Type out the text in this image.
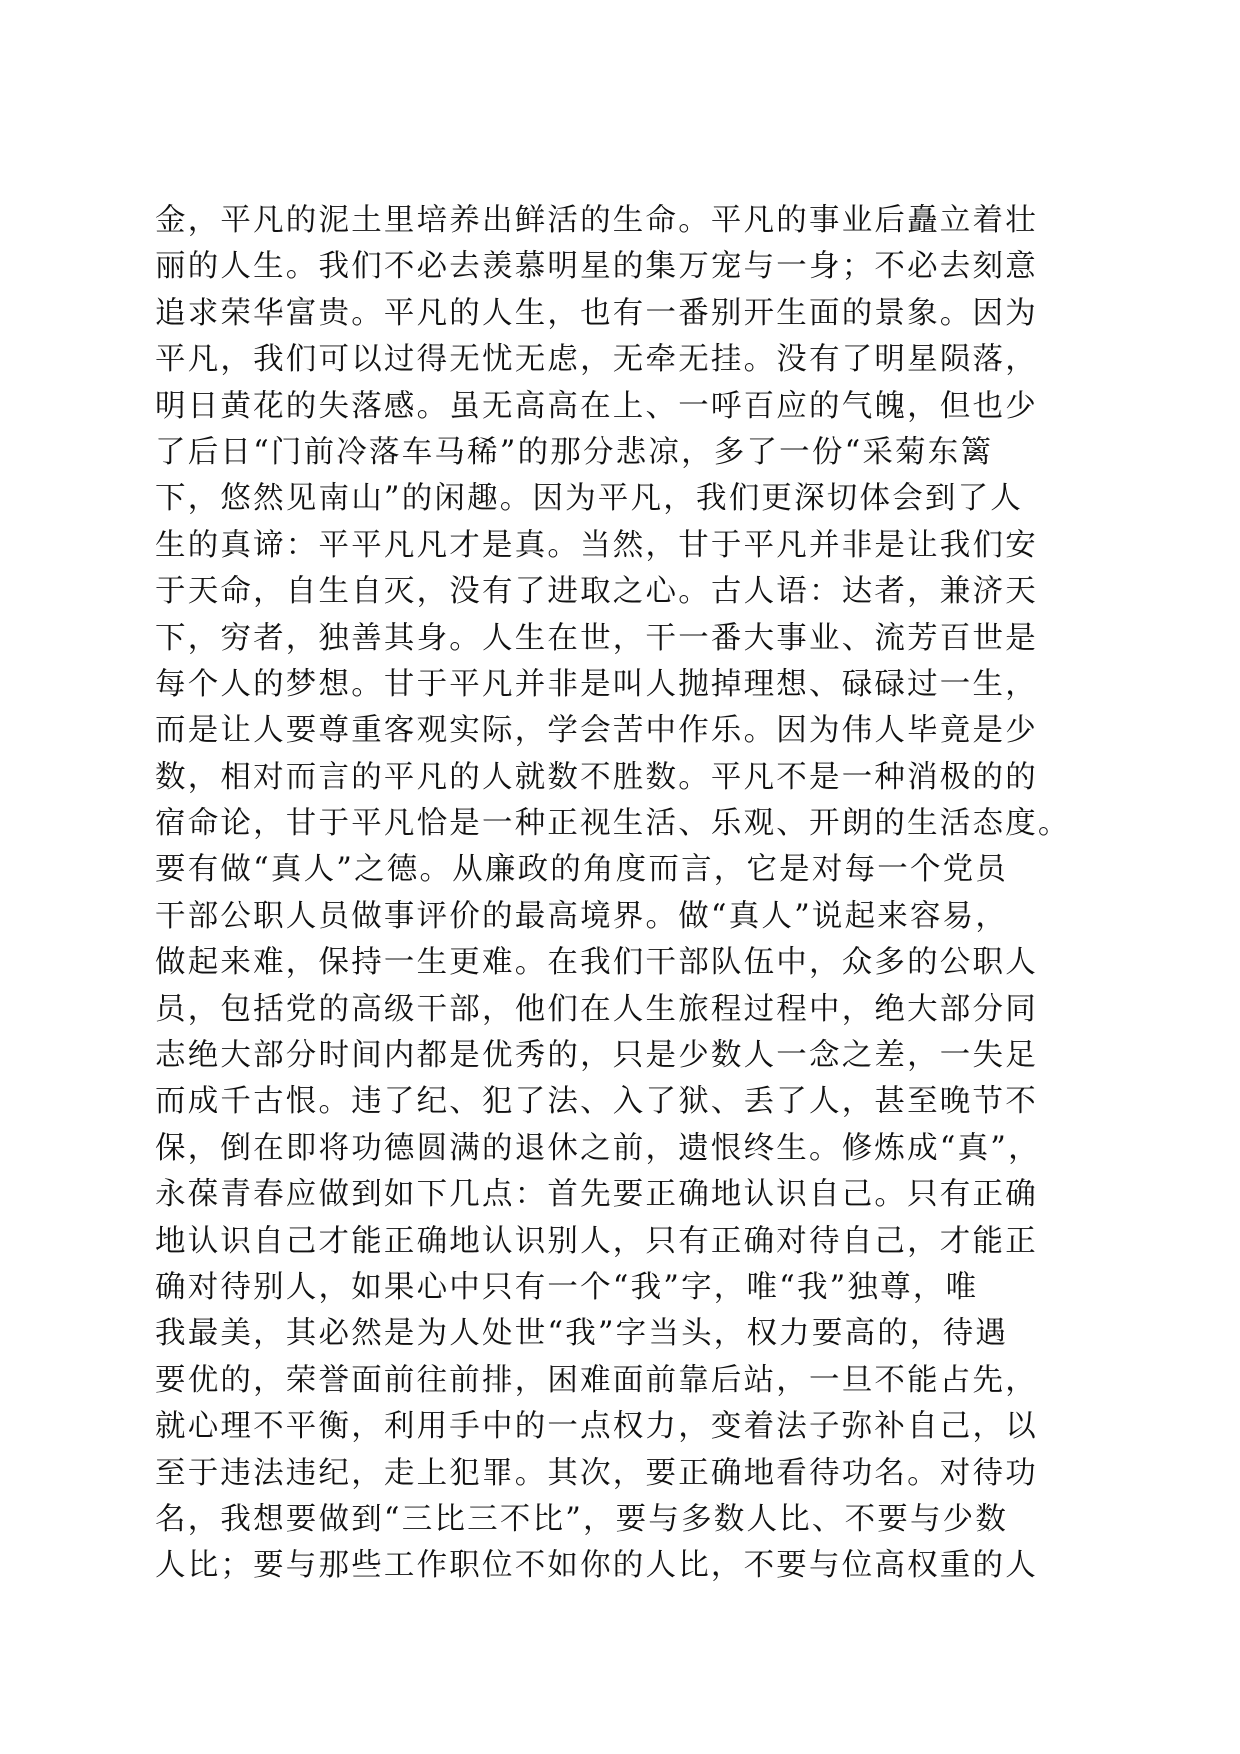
金，平凡的泥土里培养出鲜活的生命。平凡的事业后矗立着壮
丽的人生。我们不必去羡慕明星的集万宠与一身；不必去刻意
追求荣华富贵。平凡的人生，也有一番别开生面的景象。因为
平凡，我们可以过得无忧无虑，无牵无挂。没有了明星陨落，
明日黄花的失落感。虽无高高在上、一呼百应的气魄，但也少
了后日“门前冷落车马稀”的那分悲凉，多了一份“采菊东篱
下，悠然见南山”的闲趣。因为平凡，我们更深切体会到了人
生的真谛：平平凡凡才是真。当然，甘于平凡并非是让我们安
于天命，自生自灭，没有了进取之心。古人语：达者，兼济天
下，穷者，独善其身。人生在世，干一番大事业、流芳百世是
每个人的梦想。甘于平凡并非是叫人抛掉理想、碌碌过一生，
而是让人要尊重客观实际，学会苦中作乐。因为伟人毕竟是少
数，相对而言的平凡的人就数不胜数。平凡不是一种消极的的
宿命论，甘于平凡恰是一种正视生活、乐观、开朗的生活态度。
要有做“真人”之德。从廉政的角度而言，它是对每一个党员
干部公职人员做事评价的最高境界。做“真人”说起来容易，
做起来难，保持一生更难。在我们干部队伍中，众多的公职人
员，包括党的高级干部，他们在人生旅程过程中，绝大部分同
志绝大部分时间内都是优秀的，只是少数人一念之差，一失足
而成千古恨。违了纪、犯了法、入了狱、丢了人，甚至晚节不
保，倒在即将功德圆满的退休之前，遗恨终生。修炼成“真”，
永葆青春应做到如下几点：首先要正确地认识自己。只有正确
地认识自己才能正确地认识别人，只有正确对待自己，才能正
确对待别人，如果心中只有一个“我”字，唯“我”独尊，唯
我最美，其必然是为人处世“我”字当头，权力要高的，待遇
要优的，荣誉面前往前排，困难面前靠后站，一旦不能占先，
就心理不平衡，利用手中的一点权力，变着法子弥补自己，以
至于违法违纪，走上犯罪。其次，要正确地看待功名。对待功
名，我想要做到“三比三不比”，要与多数人比、不要与少数
人比；要与那些工作职位不如你的人比，不要与位高权重的人
